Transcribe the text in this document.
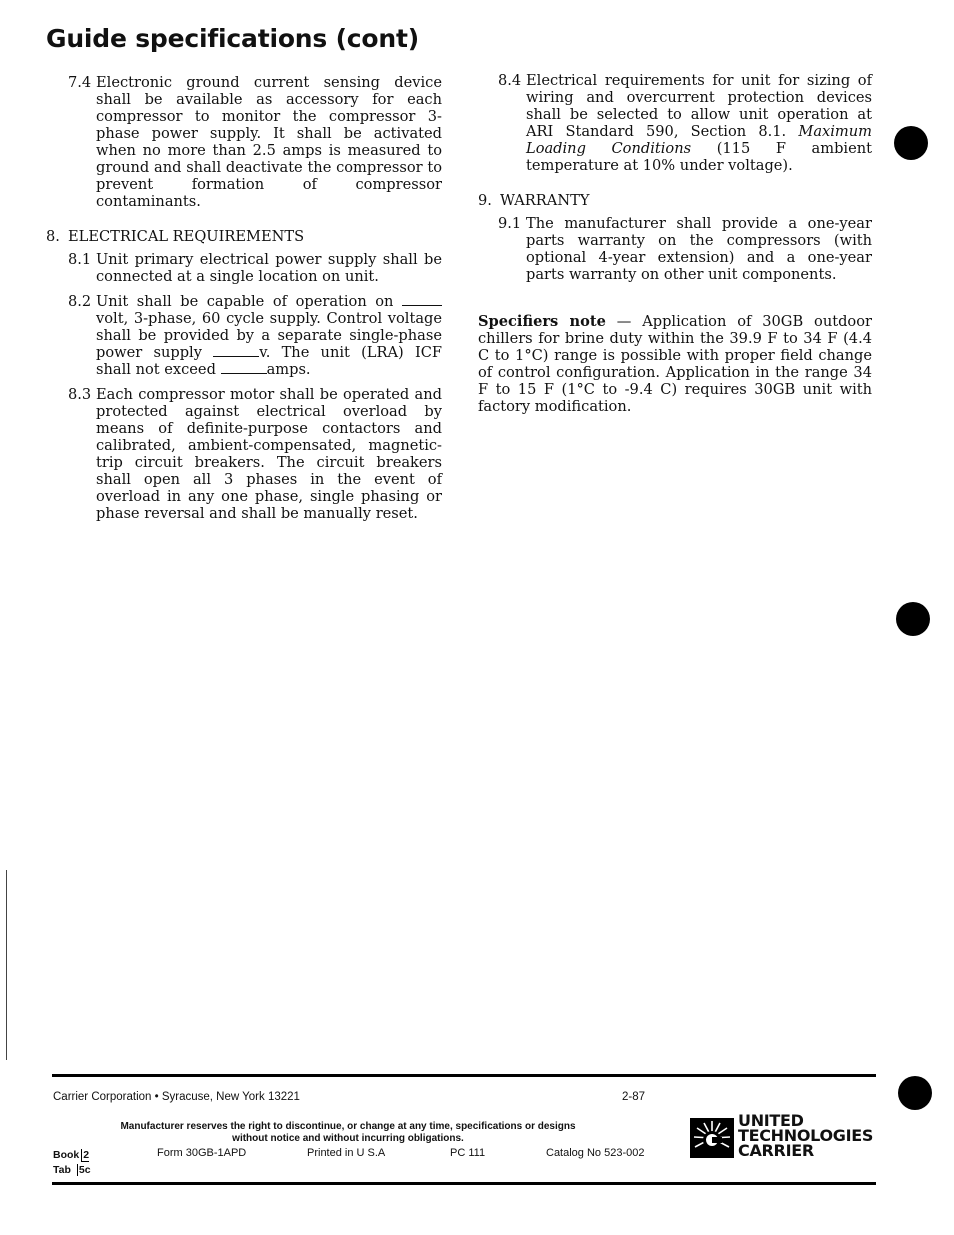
Guide specifications (cont)
7.4 Electronic ground current sensing device shall be available as accessory for each compressor to monitor the compressor 3-phase power supply. It shall be activated when no more than 2.5 amps is measured to ground and shall deactivate the compressor to prevent formation of compressor contaminants.
8. ELECTRICAL REQUIREMENTS
8.1 Unit primary electrical power supply shall be connected at a single location on unit.
8.2 Unit shall be capable of operation on volt, 3-phase, 60 cycle supply. Control voltage shall be provided by a separate single-phase power supply	v. The unit (LRA) ICF shall not exceed	amps.
8.3 Each compressor motor shall be operated and protected against electrical overload by means of definite-purpose contactors and calibrated, ambient-compensated, magnetic-trip circuit breakers. The circuit breakers shall open all 3 phases in the event of overload in any one phase, single phasing or phase reversal and shall be manually reset.
8.4 Electrical requirements for unit for sizing of wiring and overcurrent protection devices shall be selected to allow unit operation at ARI Standard 590, Section 8.1. Maximum Loading Conditions (115 F ambient temperature at 10% under voltage).
9. WARRANTY
9.1 The manufacturer shall provide a one-year parts warranty on the compressors (with optional 4-year extension) and a one-year parts warranty on other unit components.
Specifiers note — Application of 30GB outdoor chillers for brine duty within the 39.9 F to 34 F (4.4 C to 1°C) range is possible with proper field change of control configuration. Application in the range 34 F to 15 F (1°C to -9.4 C) requires 30GB unit with factory modification.
Carrier Corporation • Syracuse, New York 13221	2-87
Manufacturer reserves the right to discontinue, or change at any time, specifications or designs
without notice and without incurring obligations.
Book 2
Tab 5c
Form 30GB-1APD	Printed in U S.A	PC 111	Catalog No 523-002
UNITED
TECHNOLOGIES
CARRIER
